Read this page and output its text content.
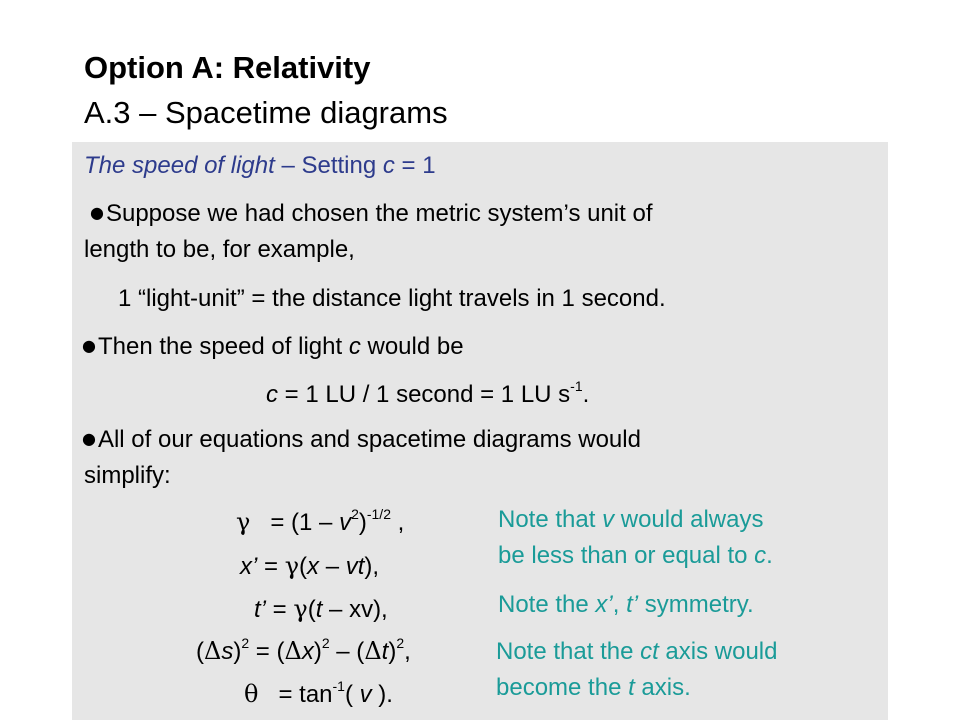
Option A: Relativity
A.3 – Spacetime diagrams
The speed of light – Setting c = 1
●Suppose we had chosen the metric system’s unit of
length to be, for example,
1 “light-unit” = the distance light travels in 1 second.
●Then the speed of light c would be
c = 1 LU / 1 second = 1 LU $s^{-1}$.
●All of our equations and spacetime diagrams would
simplify:
$\gamma = (1 - v^2)^{-1/2}$ ,
x’ = γ(x – vt),
t’ = γ(t – xv),
$(\Delta s)^2 = (\Delta x)^2 - (\Delta t)^2$,
$\theta = \tan^{-1}$( v ).
Note that v would always
be less than or equal to c.
Note the x’, t’ symmetry.
Note that the ct axis would
become the t axis.
